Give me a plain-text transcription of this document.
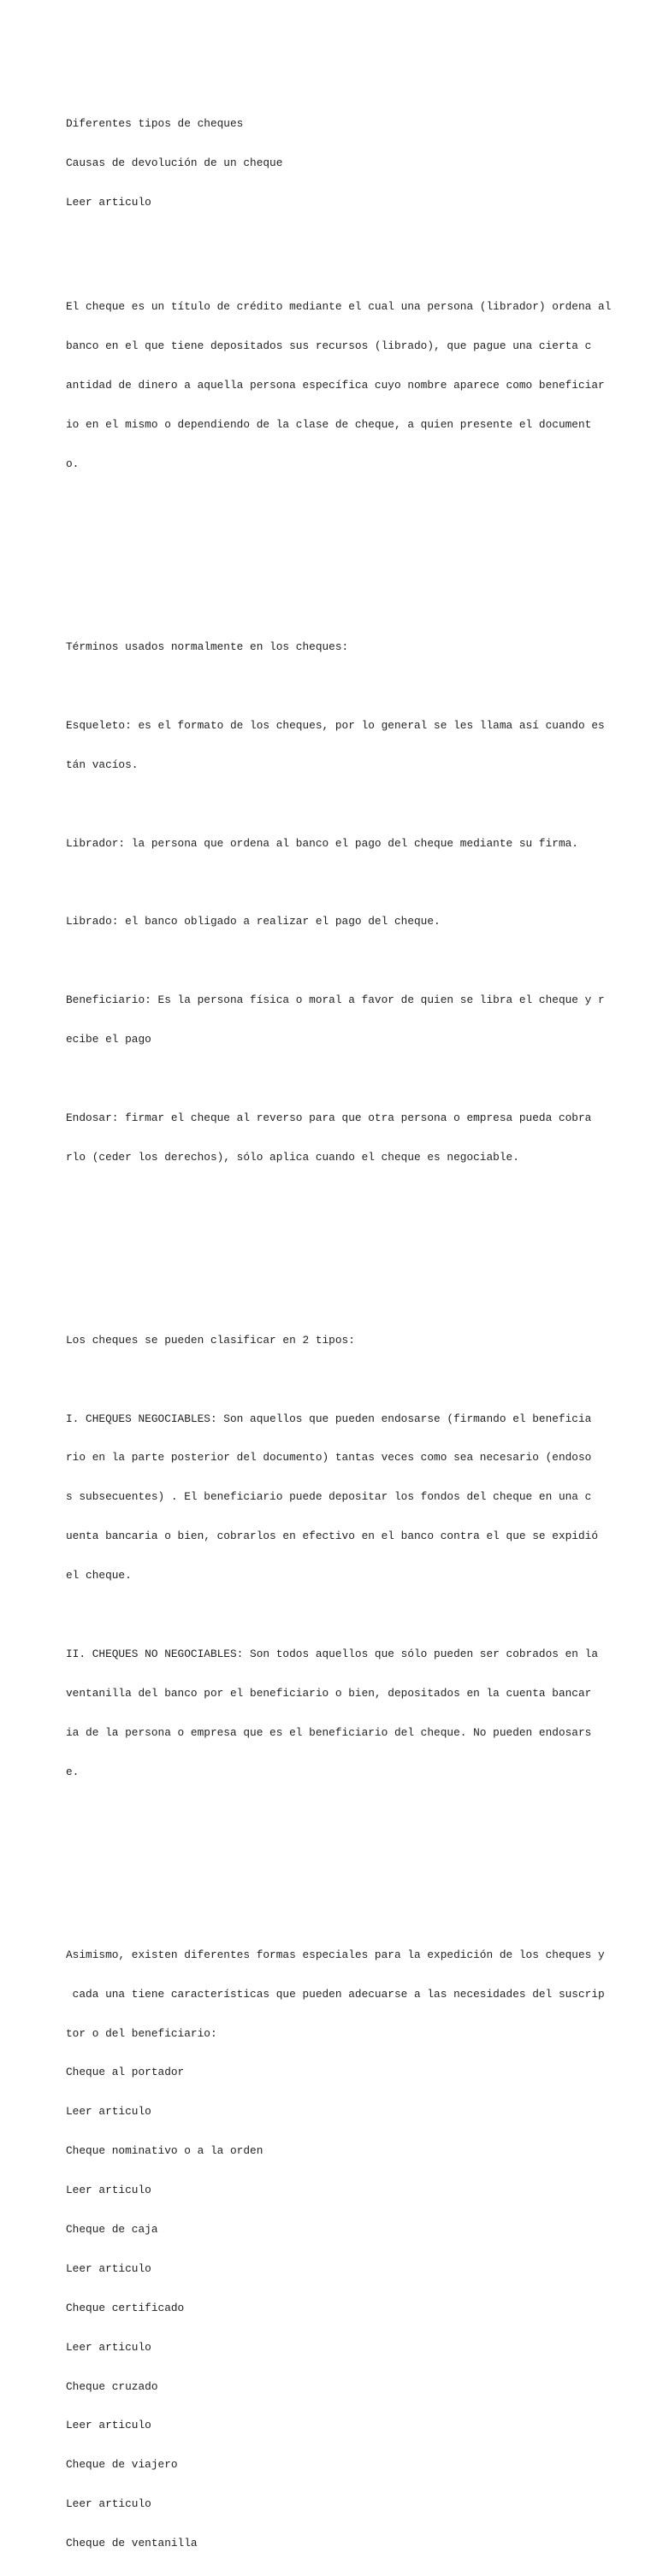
Diferentes tipos de cheques

Causas de devolución de un cheque

Leer articulo

El cheque es un título de crédito mediante el cual una persona (librador) ordena al

banco en el que tiene depositados sus recursos (librado), que pague una cierta c

antidad de dinero a aquella persona específica cuyo nombre aparece como beneficiar

io en el mismo o dependiendo de la clase de cheque, a quien presente el document

o.

Términos usados normalmente en los cheques:

Esqueleto: es el formato de los cheques, por lo general se les llama así cuando es

tán vacíos.

Librador: la persona que ordena al banco el pago del cheque mediante su firma.

Librado: el banco obligado a realizar el pago del cheque.

Beneficiario: Es la persona física o moral a favor de quien se libra el cheque y r

ecibe el pago

Endosar: firmar el cheque al reverso para que otra persona o empresa pueda cobra

rlo (ceder los derechos), sólo aplica cuando el cheque es negociable.

Los cheques se pueden clasificar en 2 tipos:

I. CHEQUES NEGOCIABLES: Son aquellos que pueden endosarse (firmando el beneficia

rio en la parte posterior del documento) tantas veces como sea necesario (endoso

s subsecuentes) . El beneficiario puede depositar los fondos del cheque en una c

uenta bancaria o bien, cobrarlos en efectivo en el banco contra el que se expidió

el cheque.

II. CHEQUES NO NEGOCIABLES: Son todos aquellos que sólo pueden ser cobrados en la

ventanilla del banco por el beneficiario o bien, depositados en la cuenta bancar

ia de la persona o empresa que es el beneficiario del cheque. No pueden endosars

e.

Asimismo, existen diferentes formas especiales para la expedición de los cheques y

cada una tiene características que pueden adecuarse a las necesidades del suscrip

tor o del beneficiario:

Cheque al portador

Leer articulo

Cheque nominativo o a la orden

Leer articulo

Cheque de caja

Leer articulo

Cheque certificado

Leer articulo

Cheque cruzado

Leer articulo

Cheque de viajero

Leer articulo

Cheque de ventanilla
